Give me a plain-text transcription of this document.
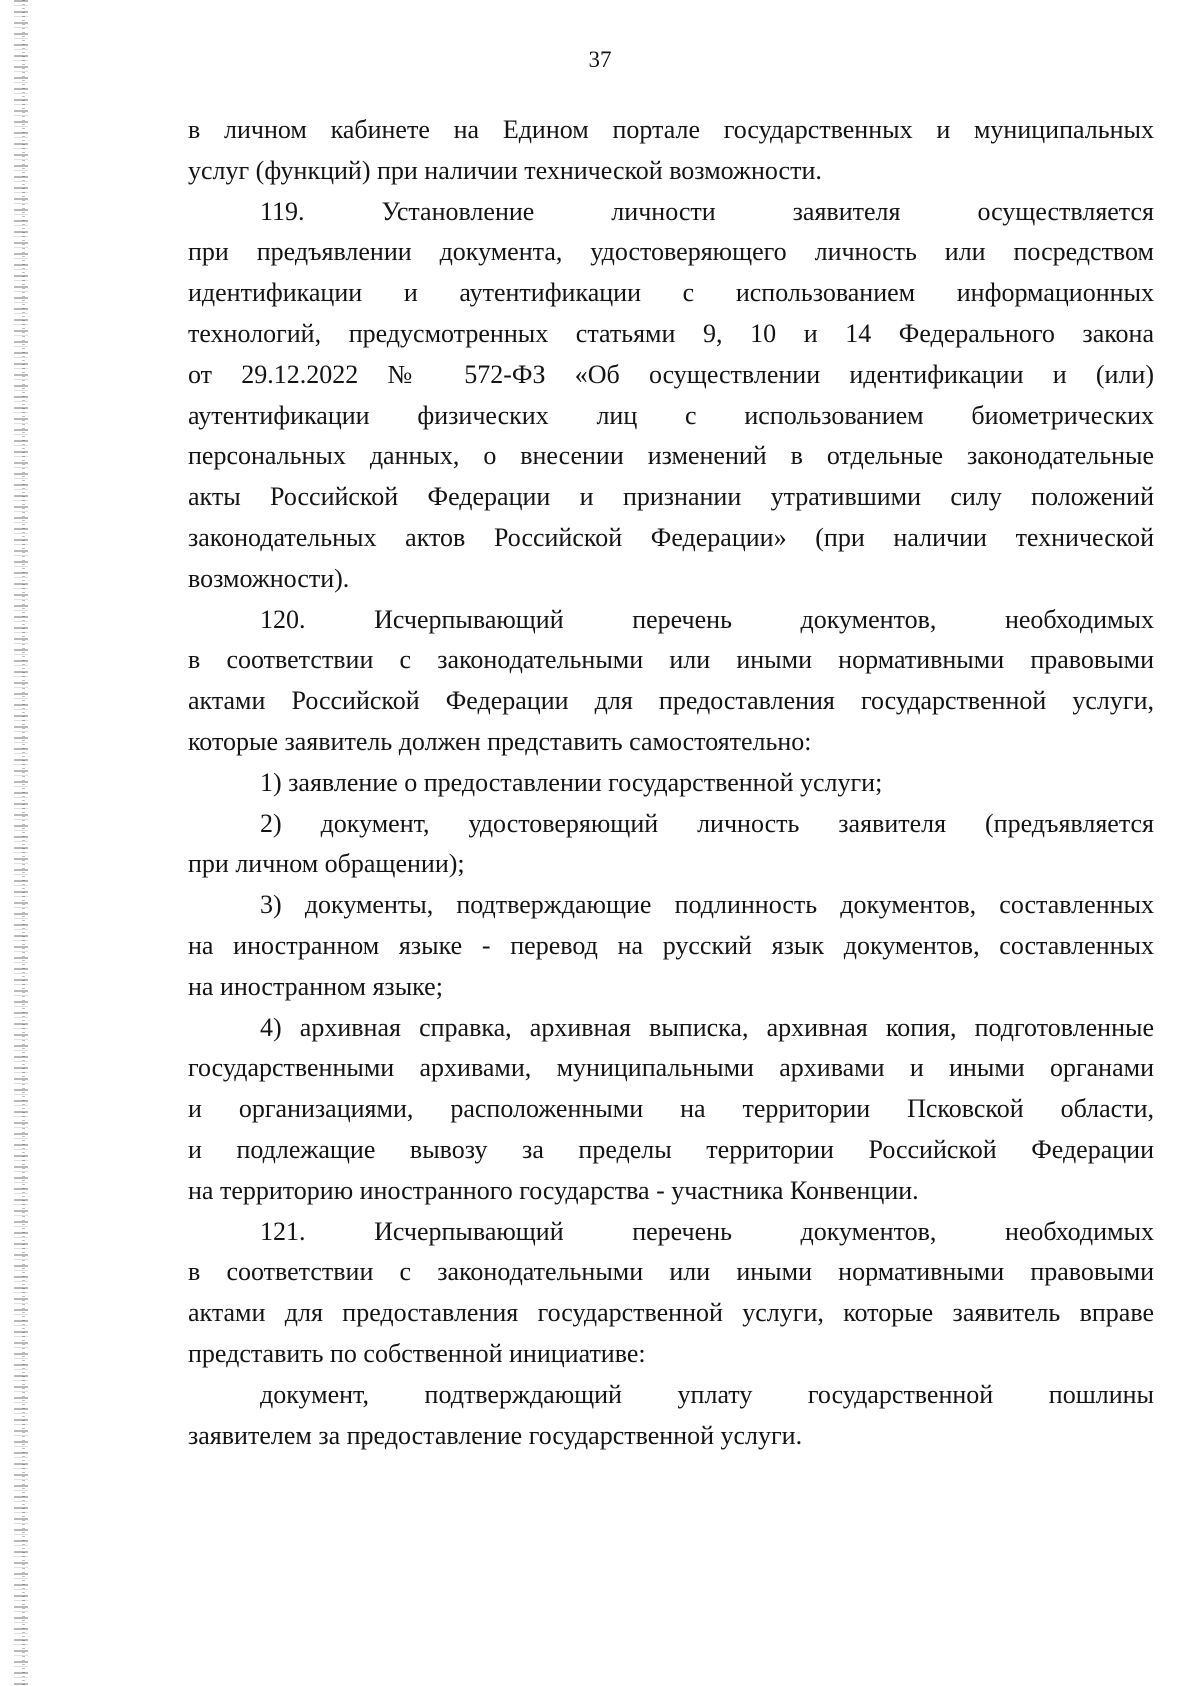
37

в личном кабинете на Едином портале государственных и муниципальных
услуг (функций) при наличии технической возможности.

119. Установление личности заявителя осуществляется
при предъявлении документа, удостоверяющего личность или посредством
идентификации и аутентификации с использованием информационных
технологий, предусмотренных статьями 9, 10 и 14 Федерального закона
от 29.12.2022 № 572-ФЗ «Об осуществлении идентификации и (или)
аутентификации физических лиц с использованием биометрических
персональных данных, о внесении изменений в отдельные законодательные
акты Российской Федерации и признании утратившими силу положений
законодательных актов Российской Федерации» (при наличии технической
возможности).

120. Исчерпывающий перечень документов, необходимых
в соответствии с законодательными или иными нормативными правовыми
актами Российской Федерации для предоставления государственной услуги,
которые заявитель должен представить самостоятельно:

1) заявление о предоставлении государственной услуги;

2) документ, удостоверяющий личность заявителя (предъявляется
при личном обращении);

3) документы, подтверждающие подлинность документов, составленных
на иностранном языке - перевод на русский язык документов, составленных
на иностранном языке;

4) архивная справка, архивная выписка, архивная копия, подготовленные
государственными архивами, муниципальными архивами и иными органами
и организациями, расположенными на территории Псковской области,
и подлежащие вывозу за пределы территории Российской Федерации
на территорию иностранного государства - участника Конвенции.

121. Исчерпывающий перечень документов, необходимых
в соответствии с законодательными или иными нормативными правовыми
актами для предоставления государственной услуги, которые заявитель вправе
представить по собственной инициативе:

документ, подтверждающий уплату государственной пошлины
заявителем за предоставление государственной услуги.
